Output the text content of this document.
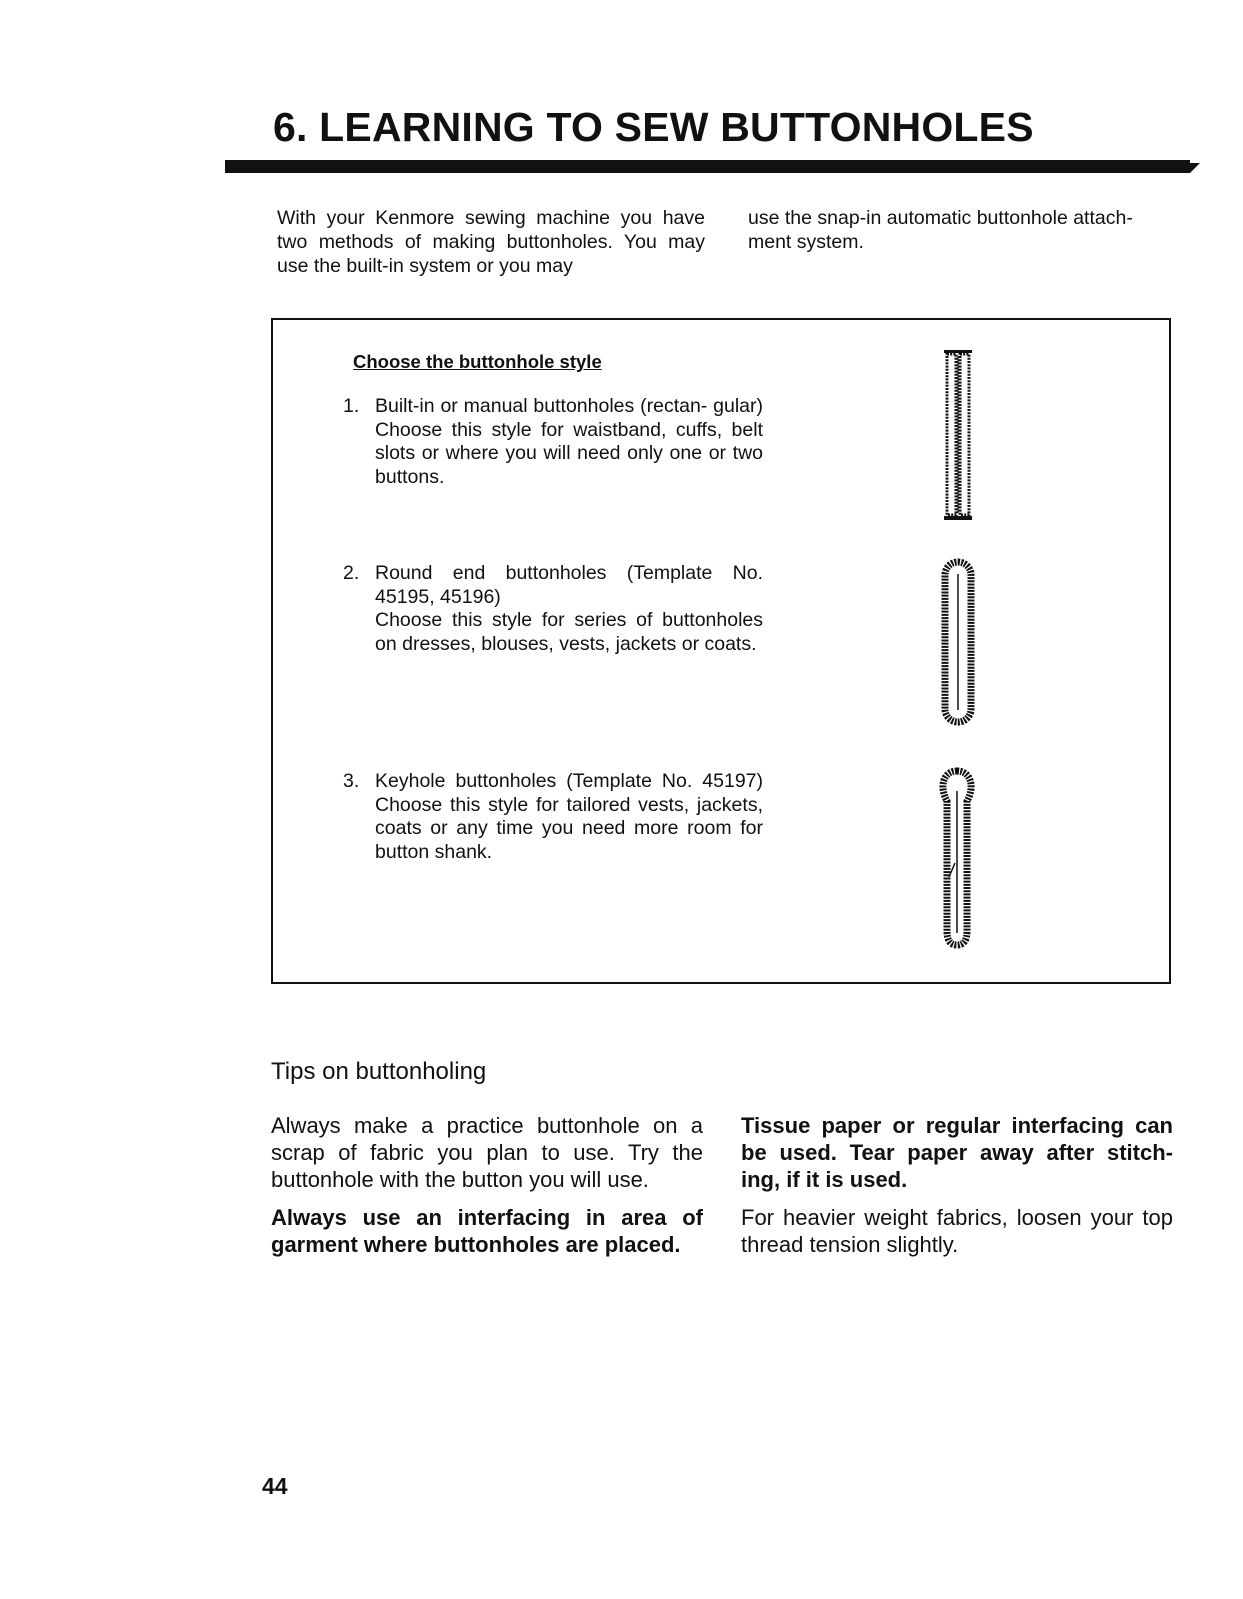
6. LEARNING TO SEW BUTTONHOLES

With your Kenmore sewing machine you have two methods of making buttonholes. You may use the built-in system or you may

use the snap-in automatic buttonhole attach- ment system.

Choose the buttonhole style

1. Built-in or manual buttonholes (rectan- gular) Choose this style for waistband, cuffs, belt slots or where you will need only one or two buttons.
2. Round end buttonholes (Template No. 45195, 45196)
Choose this style for series of buttonholes on dresses, blouses, vests, jackets or coats.
3. Keyhole buttonholes (Template No. 45197) Choose this style for tailored vests, jackets, coats or any time you need more room for button shank.
Tips on buttonholing

Always make a practice buttonhole on a scrap of fabric you plan to use. Try the buttonhole with the button you will use.

Always use an interfacing in area of garment where buttonholes are placed.

Tissue paper or regular interfacing can be used. Tear paper away after stitch- ing, if it is used.

For heavier weight fabrics, loosen your top thread tension slightly.

44
